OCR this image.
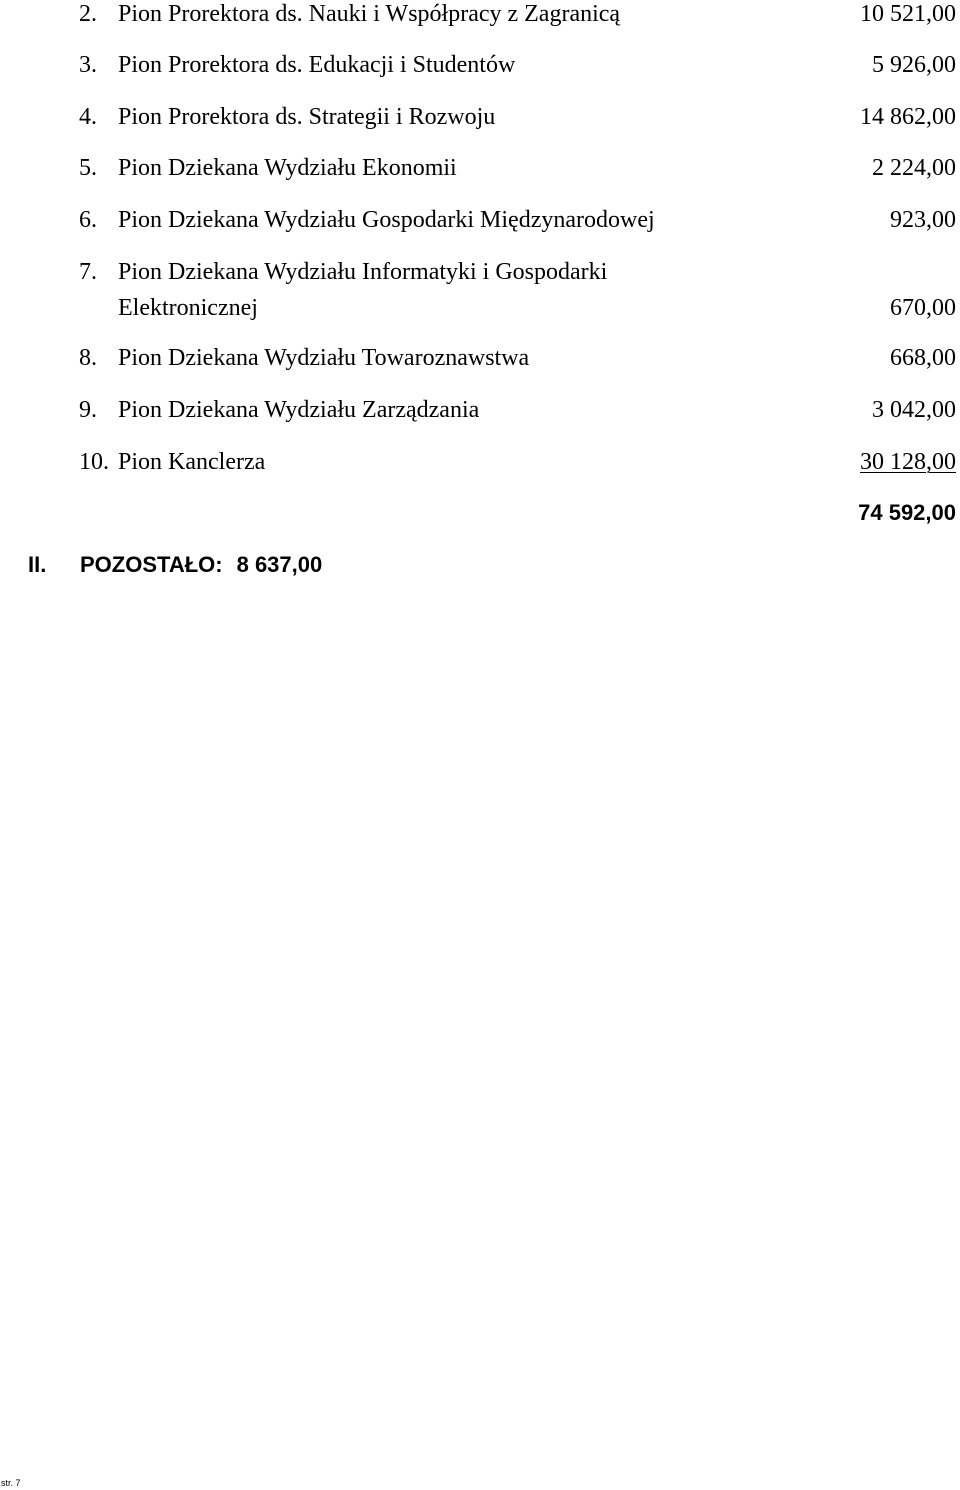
2. Pion Prorektora ds. Nauki i Współpracy z Zagranicą	10 521,00
3. Pion Prorektora ds. Edukacji i Studentów	5 926,00
4. Pion Prorektora ds. Strategii i Rozwoju	14 862,00
5. Pion Dziekana Wydziału Ekonomii	2 224,00
6. Pion Dziekana Wydziału Gospodarki Międzynarodowej	923,00
7. Pion Dziekana Wydziału Informatyki i Gospodarki
Elektronicznej	670,00
8. Pion Dziekana Wydziału Towaroznawstwa	668,00
9. Pion Dziekana Wydziału Zarządzania	3 042,00
10. Pion Kanclerza	30 128,00
74 592,00
II. POZOSTAŁO: 8 637,00
str. 7
